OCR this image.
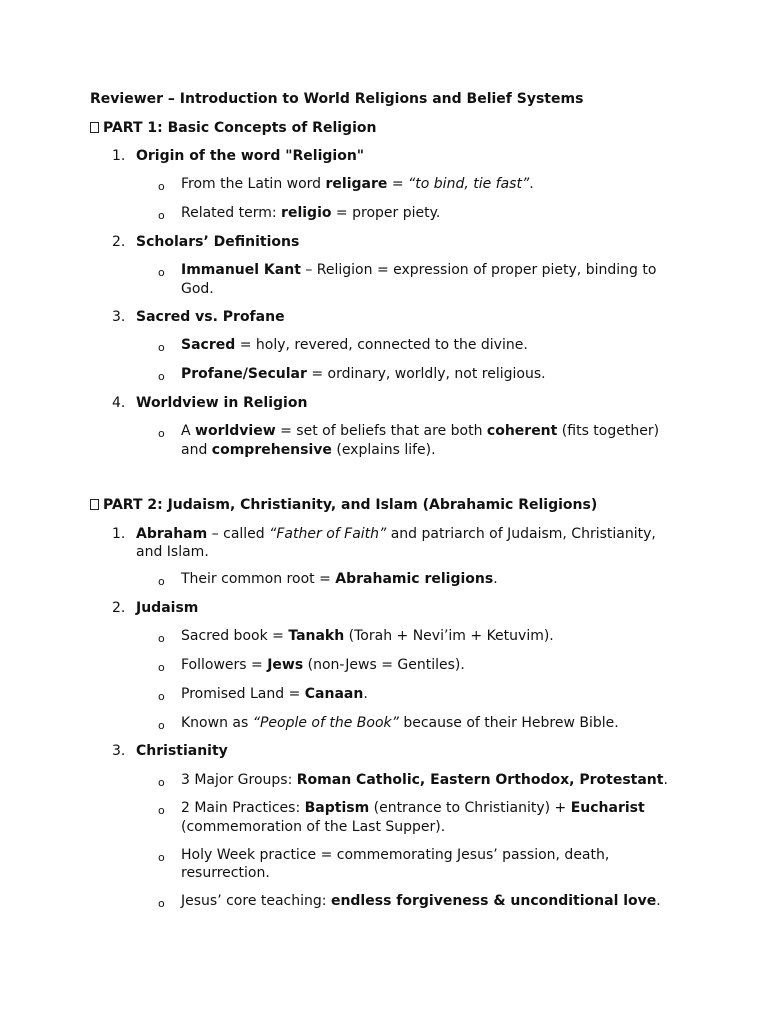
Reviewer – Introduction to World Religions and Belief Systems
PART 1: Basic Concepts of Religion
1. Origin of the word "Religion"
o From the Latin word religare = “to bind, tie fast”.
o Related term: religio = proper piety.
2. Scholars’ Definitions
o Immanuel Kant – Religion = expression of proper piety, binding to
God.
3. Sacred vs. Profane
o Sacred = holy, revered, connected to the divine.
o Profane/Secular = ordinary, worldly, not religious.
4. Worldview in Religion
o A worldview = set of beliefs that are both coherent (fits together)
and comprehensive (explains life).
PART 2: Judaism, Christianity, and Islam (Abrahamic Religions)
1. Abraham – called “Father of Faith” and patriarch of Judaism, Christianity,
and Islam.
o Their common root = Abrahamic religions.
2. Judaism
o Sacred book = Tanakh (Torah + Nevi’im + Ketuvim).
o Followers = Jews (non-Jews = Gentiles).
o Promised Land = Canaan.
o Known as “People of the Book” because of their Hebrew Bible.
3. Christianity
o 3 Major Groups: Roman Catholic, Eastern Orthodox, Protestant.
o 2 Main Practices: Baptism (entrance to Christianity) + Eucharist
(commemoration of the Last Supper).
o Holy Week practice = commemorating Jesus’ passion, death,
resurrection.
o Jesus’ core teaching: endless forgiveness & unconditional love.
